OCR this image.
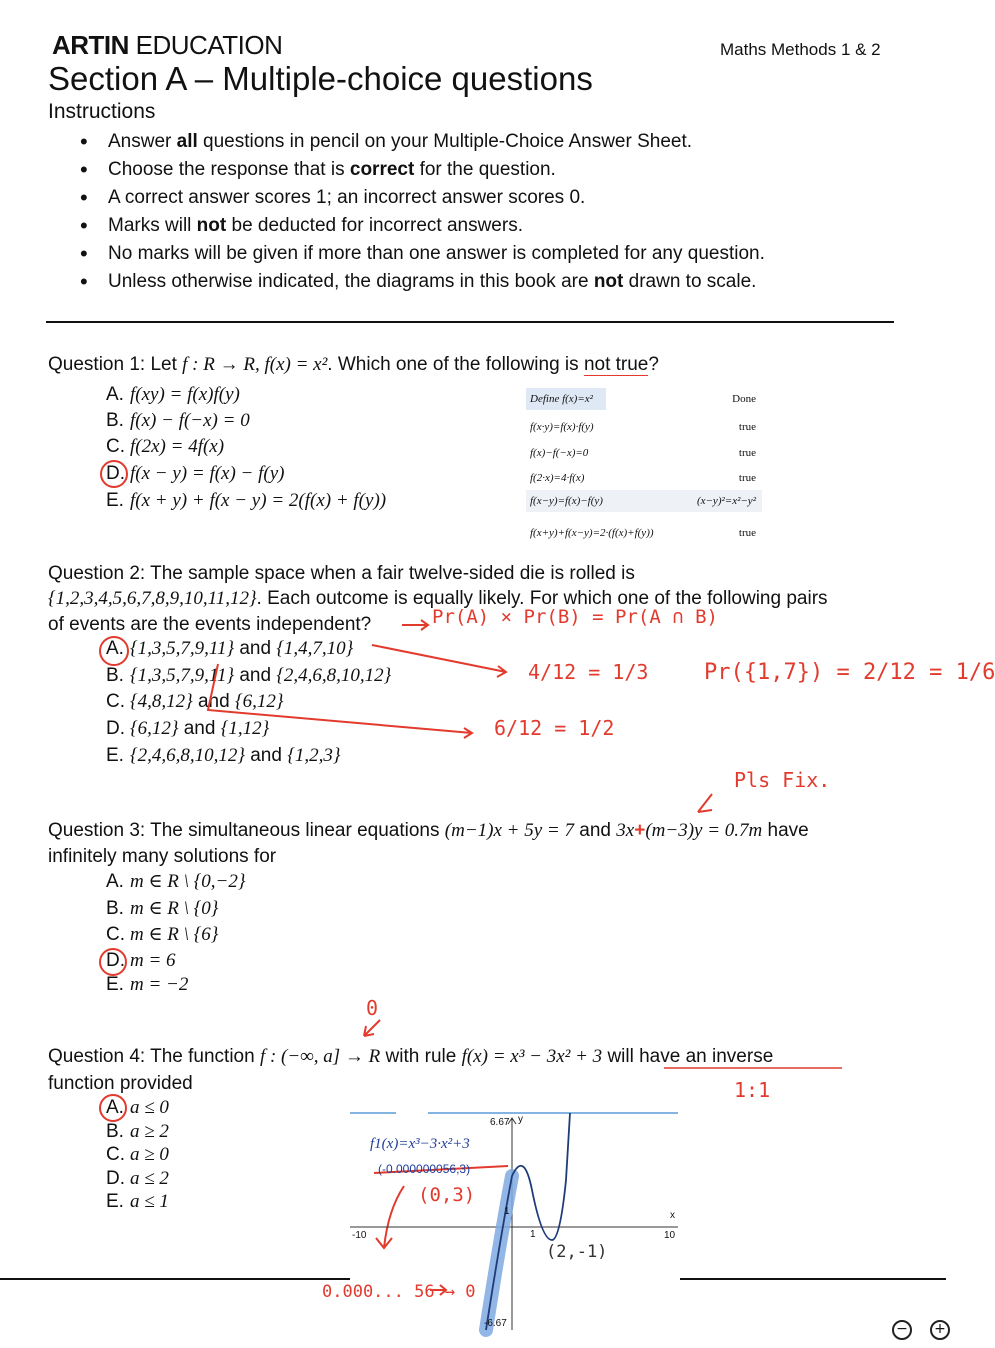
ARTIN EDUCATION	Maths Methods 1 & 2
Section A – Multiple-choice questions
Instructions
• Answer all questions in pencil on your Multiple-Choice Answer Sheet.
• Choose the response that is correct for the question.
• A correct answer scores 1; an incorrect answer scores 0.
• Marks will not be deducted for incorrect answers.
• No marks will be given if more than one answer is completed for any question.
• Unless otherwise indicated, the diagrams in this book are not drawn to scale.
Question 1: Let f : R → R, f(x) = x². Which one of the following is not true?
A. f(xy) = f(x)f(y)
B. f(x) − f(−x) = 0
C. f(2x) = 4f(x)
D. f(x − y) = f(x) − f(y)
E. f(x + y) + f(x − y) = 2(f(x) + f(y))
Define f(x)=x²	Done
f(x·y)=f(x)·f(y)	true
f(x)−f(−x)=0	true
f(2·x)=4·f(x)	true
f(x−y)=f(x)−f(y)	(x−y)²=x²−y²
f(x+y)+f(x−y)=2·(f(x)+f(y))	true
Question 2: The sample space when a fair twelve-sided die is rolled is
{1,2,3,4,5,6,7,8,9,10,11,12}. Each outcome is equally likely. For which one of the following pairs
of events are the events independent?
A. {1,3,5,7,9,11} and {1,4,7,10}
B. {1,3,5,7,9,11} and {2,4,6,8,10,12}
C. {4,8,12} and {6,12}
D. {6,12} and {1,12}
E. {2,4,6,8,10,12} and {1,2,3}
Pr(A) × Pr(B) = Pr(A ∩ B)
4/12 = 1/3
6/12 = 1/2
Pr({1,7}) = 2/12 = 1/6
Pls Fix.
Question 3: The simultaneous linear equations (m−1)x + 5y = 7 and 3x+(m−3)y = 0.7m have
infinitely many solutions for
A. m ∈ R \ {0,−2}
B. m ∈ R \ {0}
C. m ∈ R \ {6}
D. m = 6
E. m = −2
0
Question 4: The function f : (−∞, a] → R with rule f(x) = x³ − 3x² + 3 will have an inverse
function provided	1:1
A. a ≤ 0
B. a ≥ 2
C. a ≥ 0
D. a ≤ 2
E. a ≤ 1
6.67 y
-6.67
-10	10
x
1
1
f1(x)=x³−3·x²+3
(-0.000000056,3)
(0,3)
(2,-1)
0.000... 56 → 0
− +
